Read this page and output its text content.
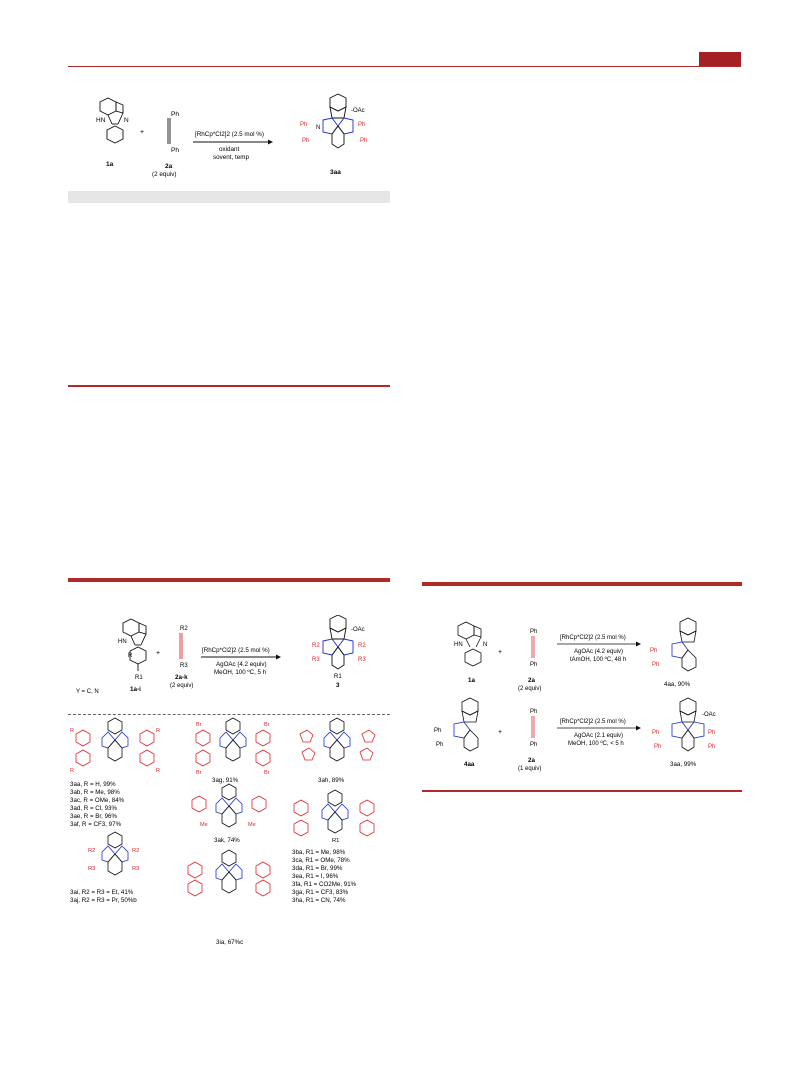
HN	N
1a
+
Ph
Ph
2a
(2 equiv)
[RhCp*Cl2]2 (2.5 mol %)
oxidant
sovent, temp
N
-OAc
Ph	Ph
Ph	Ph
3aa
HN
R
R1
Y = C, N	1a-i
+
R2
R3
2a-k
(2 equiv)
[RhCp*Cl2]2 (2.5 mol %)
AgOAc (4.2 equiv)
MeOH, 100 ºC, 5 h
-OAc
R2	R2
R3	R3
R1
3
R	R
R	R
Br	Br
Br	Br
3aa, R = H, 99%
3ab, R = Me, 98%
3ac, R = OMe, 84%
3ad, R = Cl, 93%
3ae, R = Br, 96%
3af, R = CF3, 97%
3ag, 91%	3ah, 89%
Me	Me
3ak, 74%	R1
3ba, R1 = Me, 98%
3ca, R1 = OMe, 78%
3da, R1 = Br, 99%
3ea, R1 = I, 96%
3fa, R1 = CO2Me, 91%
3ga, R1 = CF3, 83%
3ha, R1 = CN, 74%
R2	R2
R3	R3
3ai, R2 = R3 = Et, 41%
3aj, R2 = R3 = Pr, 50%b
3ia, 67%c
HN	N
1a
+
Ph
Ph
2a
(2 equiv)
[RhCp*Cl2]2 (2.5 mol %)
AgOAc (4.2 equiv)
tAmOH, 100 ºC, 48 h
Ph
Ph
4aa, 90%
Ph
Ph
4aa
+
Ph
Ph
2a
(1 equiv)
[RhCp*Cl2]2 (2.5 mol %)
AgOAc (2.1 equiv)
MeOH, 100 ºC, < 5 h
-OAc
Ph	Ph
Ph	Ph
3aa, 99%
